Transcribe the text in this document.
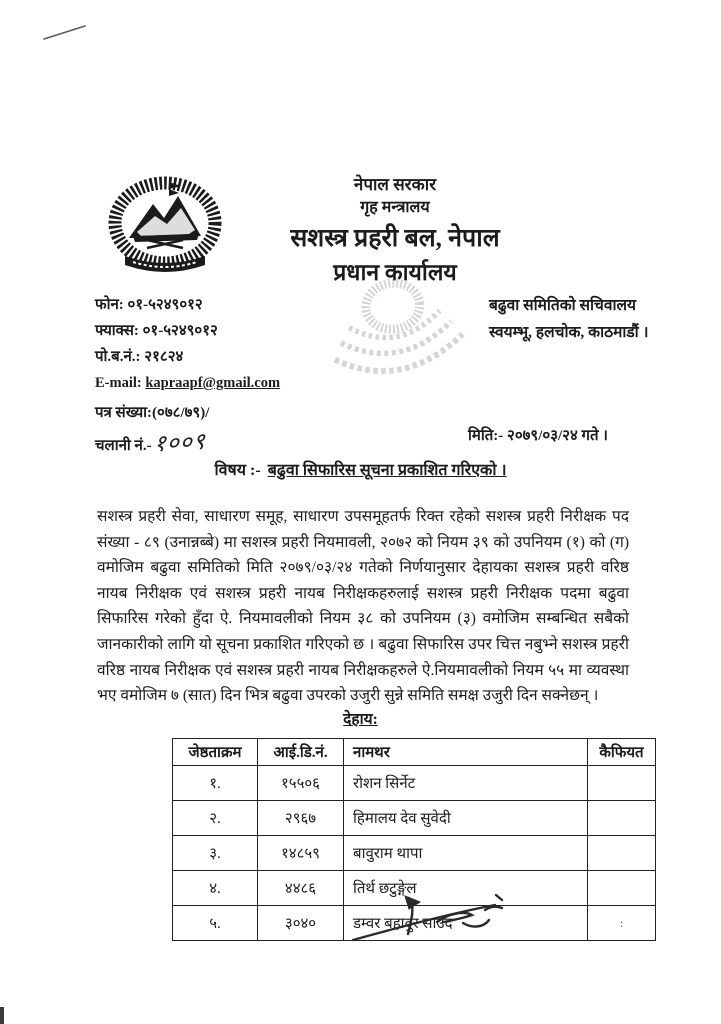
नेपाल सरकार
गृह मन्त्रालय
सशस्त्र प्रहरी बल, नेपाल
प्रधान कार्यालय
फोन: ०१-५२४९०१२
फ्याक्स: ०१-५२४९०१२
पो.ब.नं.: २१८२४
E-mail: kapraapf@gmail.com
बढुवा समितिको सचिवालय
स्वयम्भू, हलचोक, काठमाडौं ।
पत्र संख्या:(०७८/७९)/
चलानी नं.-१००९	मिति:- २०७९/०३/२४ गते ।
विषय :- बढुवा सिफारिस सूचना प्रकाशित गरिएको ।
सशस्त्र प्रहरी सेवा, साधारण समूह, साधारण उपसमूहतर्फ रिक्त रहेको सशस्त्र प्रहरी निरीक्षक पद संख्या - ८९ (उनान्नब्बे) मा सशस्त्र प्रहरी नियमावली, २०७२ को नियम ३९ को उपनियम (१) को (ग) वमोजिम बढुवा समितिको मिति २०७९/०३/२४ गतेको निर्णयानुसार देहायका सशस्त्र प्रहरी वरिष्ठ नायब निरीक्षक एवं सशस्त्र प्रहरी नायब निरीक्षकहरुलाई सशस्त्र प्रहरी निरीक्षक पदमा बढुवा सिफारिस गरेको हुँदा ऐ. नियमावलीको नियम ३८ को उपनियम (३) वमोजिम सम्बन्धित सबैको जानकारीको लागि यो सूचना प्रकाशित गरिएको छ । बढुवा सिफारिस उपर चित्त नबुभ्ने सशस्त्र प्रहरी वरिष्ठ नायब निरीक्षक एवं सशस्त्र प्रहरी नायब निरीक्षकहरुले ऐ.नियमावलीको नियम ५५ मा व्यवस्था भए वमोजिम ७ (सात) दिन भित्र बढुवा उपरको उजुरी सुन्ने समिति समक्ष उजुरी दिन सक्नेछन् ।
देहाय:
जेष्ठताक्रम	आई.डि.नं.	नामथर	कैफियत
१.	१५५०६	रोशन सिर्नेट	
२.	२९६७	हिमालय देव सुवेदी	
३.	१४८५९	बावुराम थापा	
४.	४४८६	तिर्थ छटुङ्गेल	
५.	३०४०	डम्वर बहादुर साउद	:
